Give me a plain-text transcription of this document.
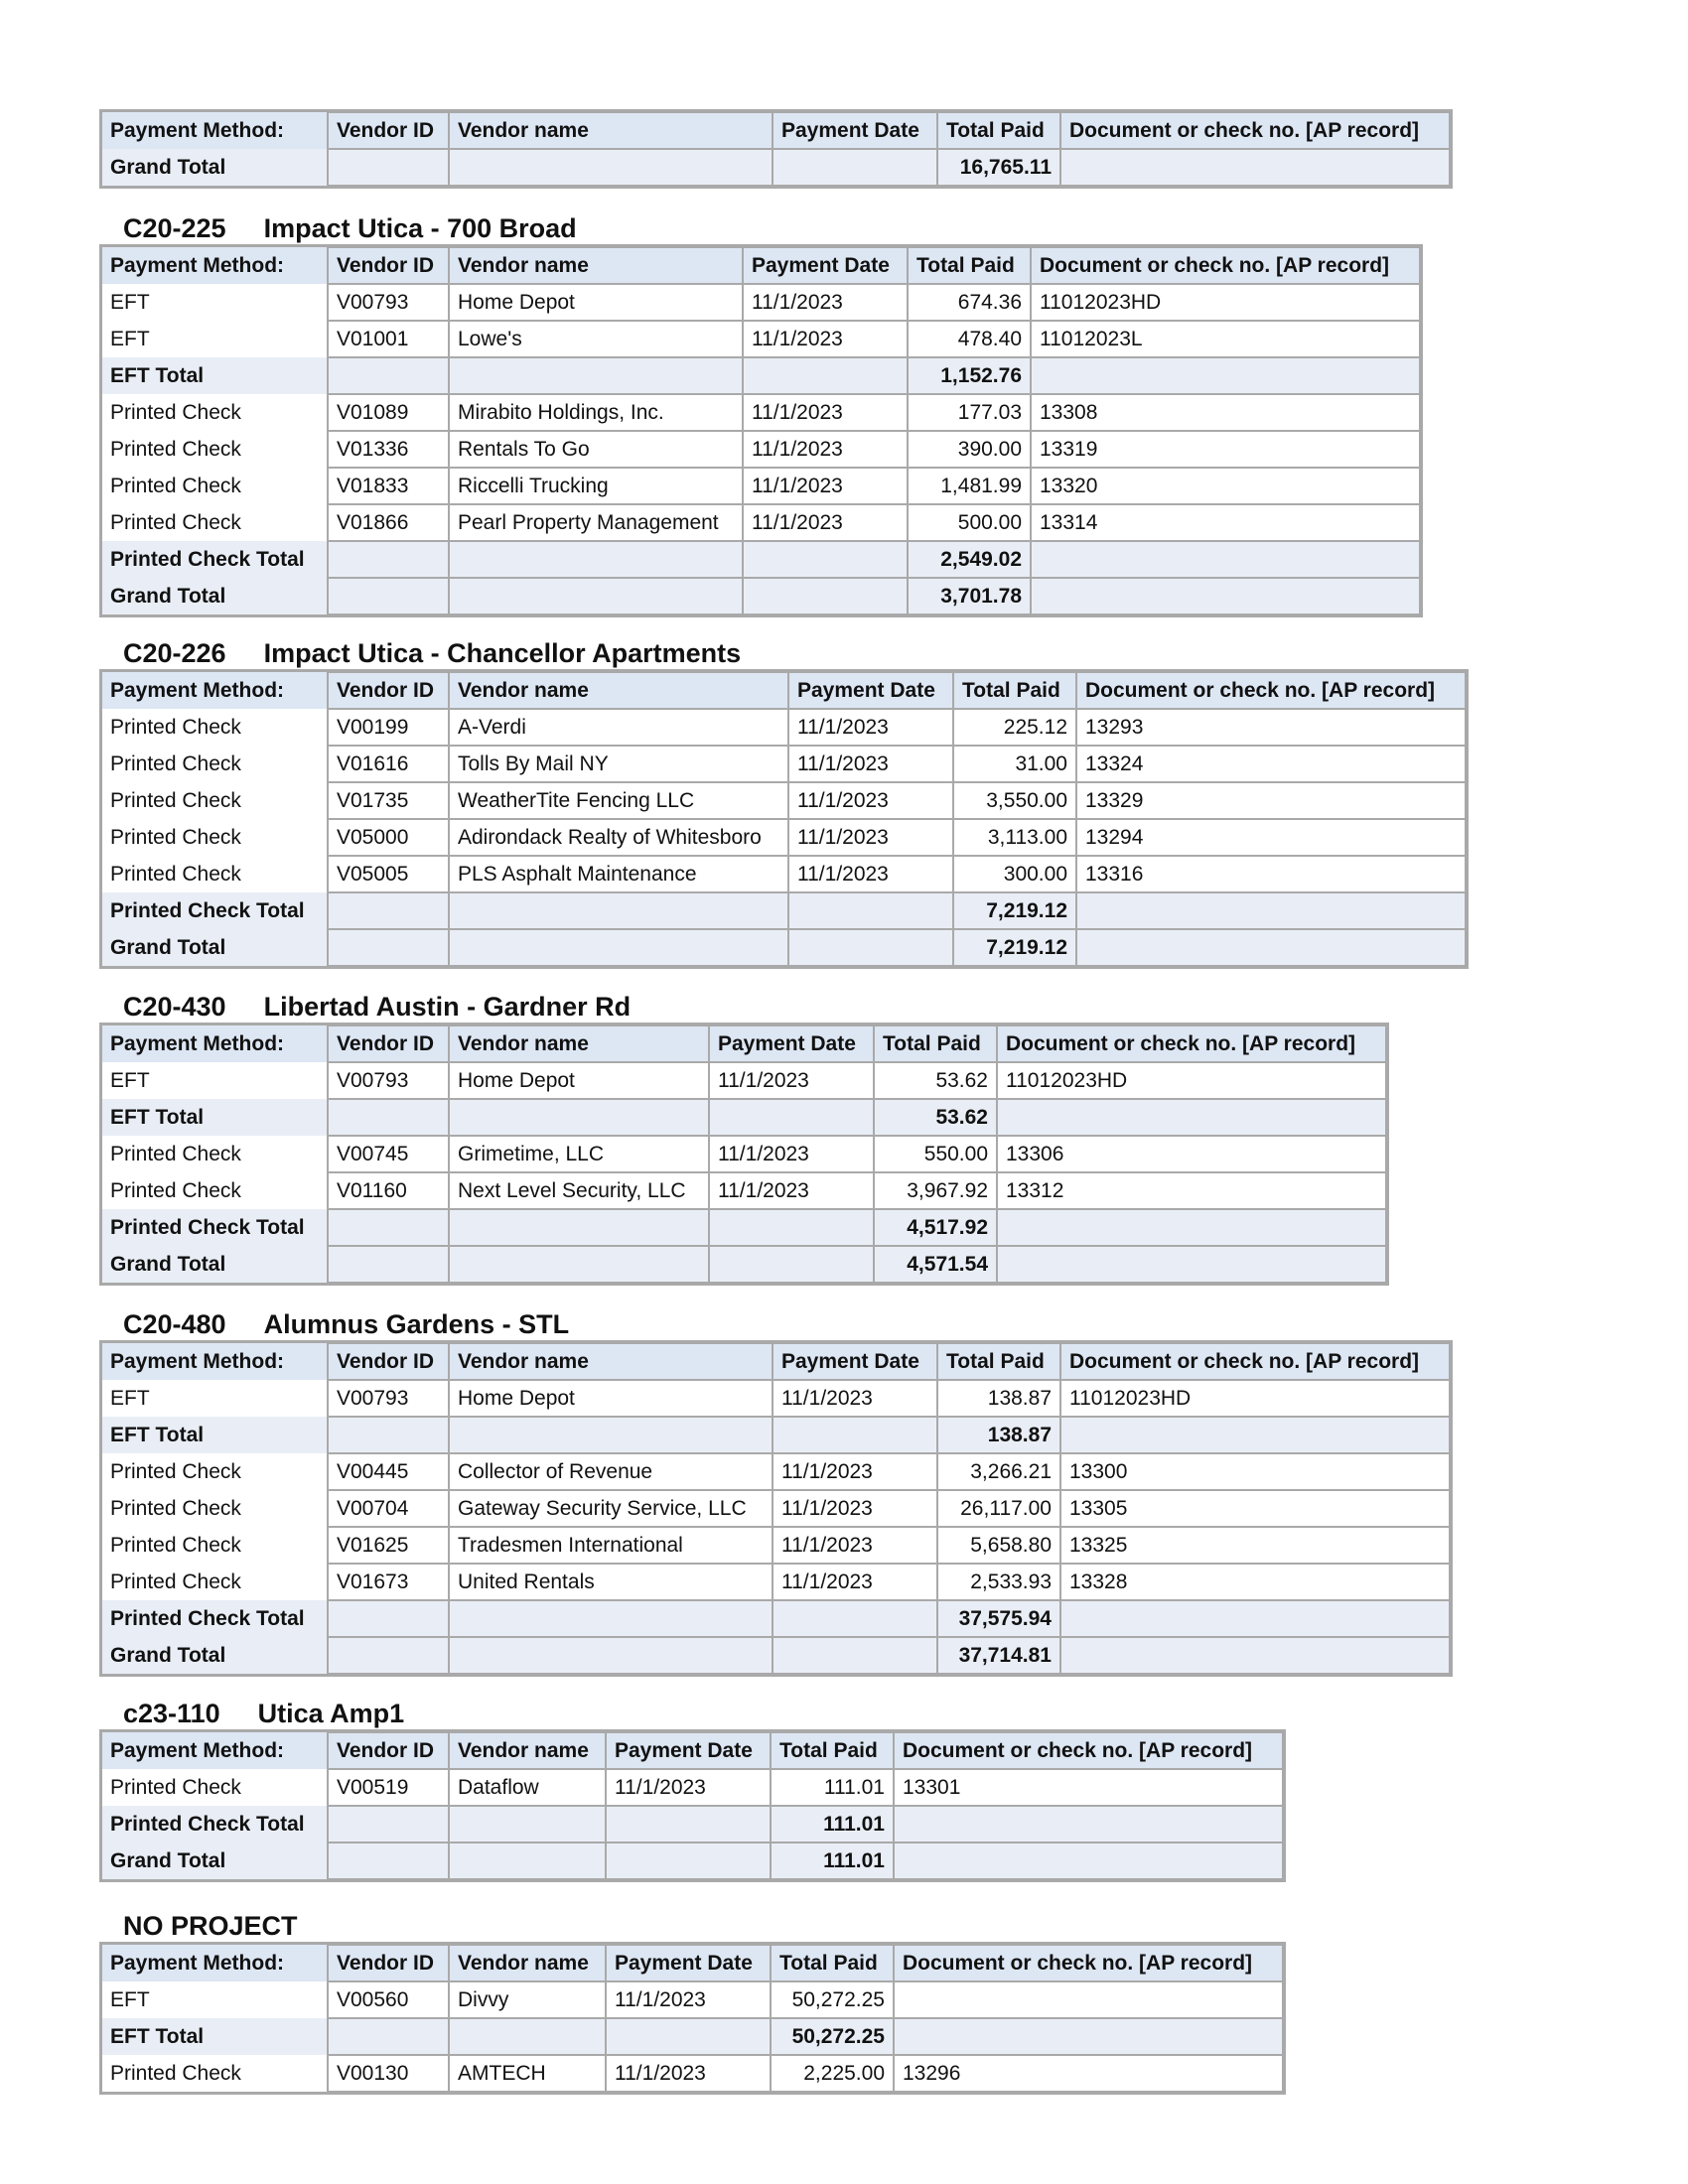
Payment Method:	Vendor ID	Vendor name	Payment Date	Total Paid	Document or check no. [AP record]
Grand Total				16,765.11	
C20-225 Impact Utica - 700 Broad
Payment Method:	Vendor ID	Vendor name	Payment Date	Total Paid	Document or check no. [AP record]
EFT	V00793	Home Depot	11/1/2023	674.36	11012023HD
EFT	V01001	Lowe's	11/1/2023	478.40	11012023L
EFT Total				1,152.76	
Printed Check	V01089	Mirabito Holdings, Inc.	11/1/2023	177.03	13308
Printed Check	V01336	Rentals To Go	11/1/2023	390.00	13319
Printed Check	V01833	Riccelli Trucking	11/1/2023	1,481.99	13320
Printed Check	V01866	Pearl Property Management	11/1/2023	500.00	13314
Printed Check Total				2,549.02	
Grand Total				3,701.78	
C20-226 Impact Utica - Chancellor Apartments
Payment Method:	Vendor ID	Vendor name	Payment Date	Total Paid	Document or check no. [AP record]
Printed Check	V00199	A-Verdi	11/1/2023	225.12	13293
Printed Check	V01616	Tolls By Mail NY	11/1/2023	31.00	13324
Printed Check	V01735	WeatherTite Fencing LLC	11/1/2023	3,550.00	13329
Printed Check	V05000	Adirondack Realty of Whitesboro	11/1/2023	3,113.00	13294
Printed Check	V05005	PLS Asphalt Maintenance	11/1/2023	300.00	13316
Printed Check Total				7,219.12	
Grand Total				7,219.12	
C20-430 Libertad Austin - Gardner Rd
Payment Method:	Vendor ID	Vendor name	Payment Date	Total Paid	Document or check no. [AP record]
EFT	V00793	Home Depot	11/1/2023	53.62	11012023HD
EFT Total				53.62	
Printed Check	V00745	Grimetime, LLC	11/1/2023	550.00	13306
Printed Check	V01160	Next Level Security, LLC	11/1/2023	3,967.92	13312
Printed Check Total				4,517.92	
Grand Total				4,571.54	
C20-480 Alumnus Gardens - STL
Payment Method:	Vendor ID	Vendor name	Payment Date	Total Paid	Document or check no. [AP record]
EFT	V00793	Home Depot	11/1/2023	138.87	11012023HD
EFT Total				138.87	
Printed Check	V00445	Collector of Revenue	11/1/2023	3,266.21	13300
Printed Check	V00704	Gateway Security Service, LLC	11/1/2023	26,117.00	13305
Printed Check	V01625	Tradesmen International	11/1/2023	5,658.80	13325
Printed Check	V01673	United Rentals	11/1/2023	2,533.93	13328
Printed Check Total				37,575.94	
Grand Total				37,714.81	
c23-110 Utica Amp1
Payment Method:	Vendor ID	Vendor name	Payment Date	Total Paid	Document or check no. [AP record]
Printed Check	V00519	Dataflow	11/1/2023	111.01	13301
Printed Check Total				111.01	
Grand Total				111.01	
NO PROJECT
Payment Method:	Vendor ID	Vendor name	Payment Date	Total Paid	Document or check no. [AP record]
EFT	V00560	Divvy	11/1/2023	50,272.25	
EFT Total				50,272.25	
Printed Check	V00130	AMTECH	11/1/2023	2,225.00	13296
